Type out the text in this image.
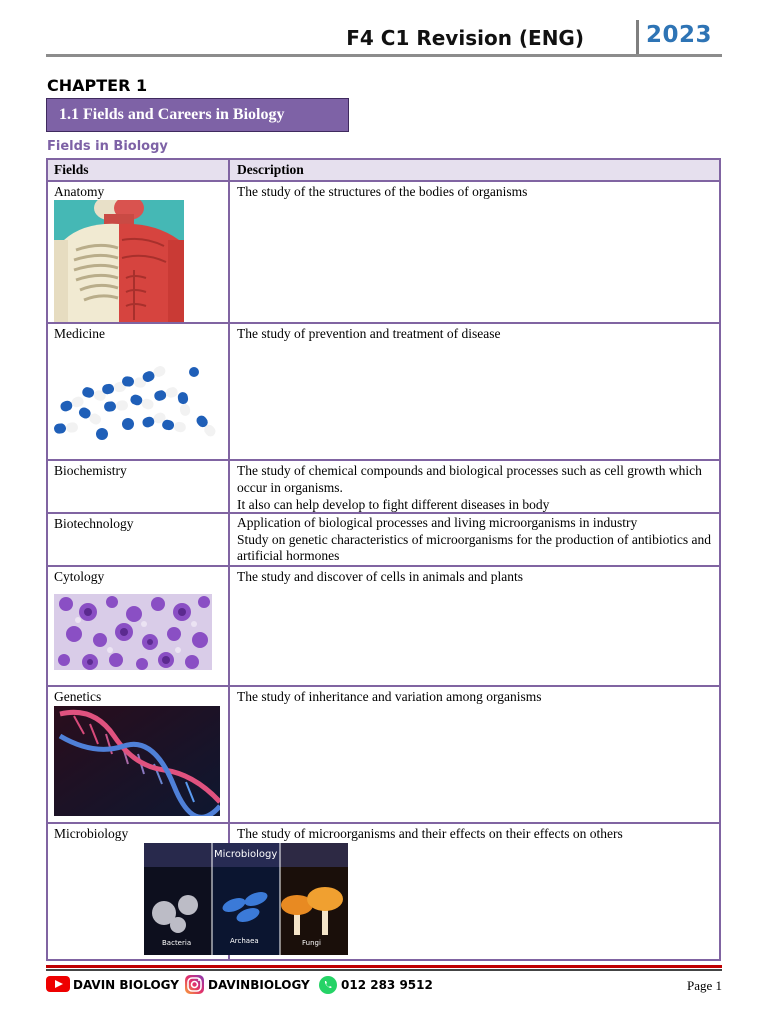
F4 C1 Revision (ENG)	2023
CHAPTER 1
1.1 Fields and Careers in Biology
Fields in Biology
Fields	Description
Anatomy	The study of the structures of the bodies of organisms
Medicine	The study of prevention and treatment of disease
Biochemistry	The study of chemical compounds and biological processes such as cell growth which occur in organisms.
It also can help develop to fight different diseases in body
Biotechnology	Application of biological processes and living microorganisms in industry
Study on genetic characteristics of microorganisms for the production of antibiotics and artificial hormones
Cytology	The study and discover of cells in animals and plants
Genetics	The study of inheritance and variation among organisms
Microbiology	The study of microorganisms and their effects on their effects on others
Microbiology
Bacteria	Archaea	Fungi
DAVIN BIOLOGY DAVINBIOLOGY	012 283 9512	Page 1
